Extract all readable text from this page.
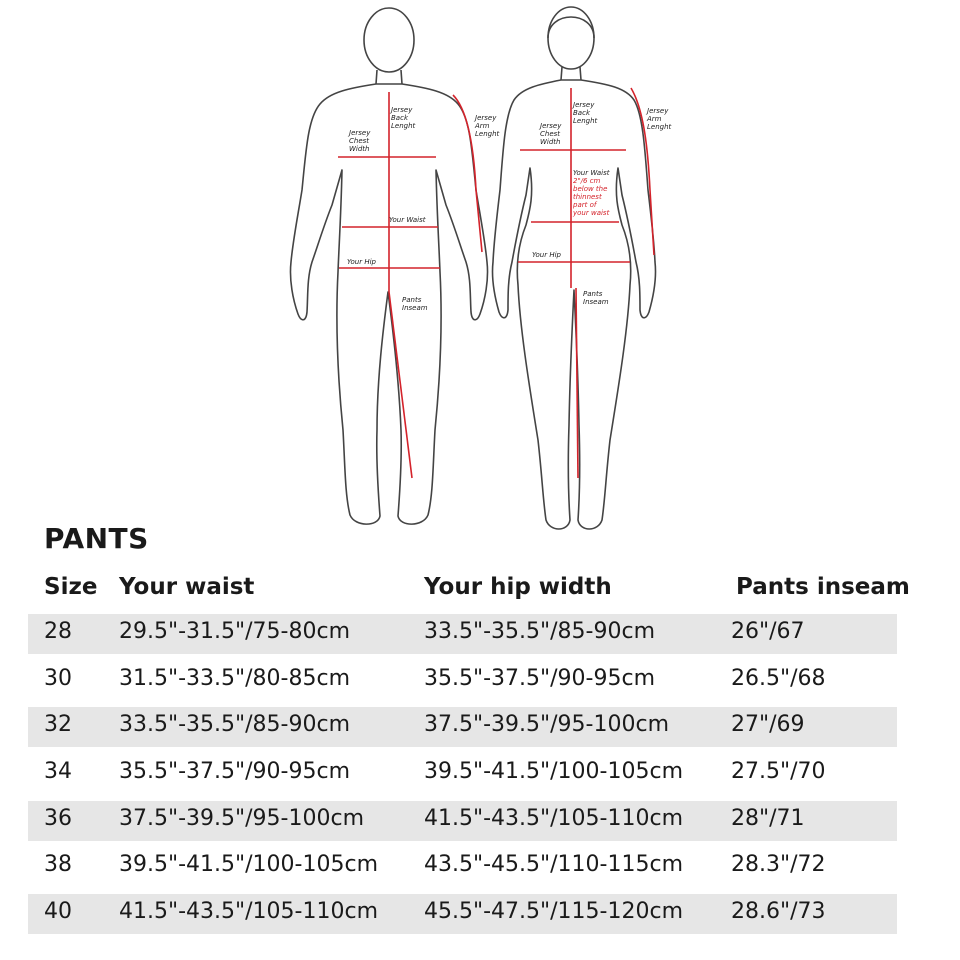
Jersey Chest Width
Jersey Back Lenght
Jersey Arm Lenght
Your Waist
Your Hip
Pants Inseam
Jersey Chest Width
Jersey Back Lenght
Jersey Arm Lenght
Your Waist
2"/6 cm below the thinnest part of your waist
Your Hip
Pants Inseam
PANTS
Size Your waist	Your hip width	Pants inseam
28 29.5"-31.5"/75-80cm	33.5"-35.5"/85-90cm	26"/67
30 31.5"-33.5"/80-85cm	35.5"-37.5"/90-95cm	26.5"/68
32 33.5"-35.5"/85-90cm	37.5"-39.5"/95-100cm	27"/69
34 35.5"-37.5"/90-95cm	39.5"-41.5"/100-105cm 27.5"/70
36 37.5"-39.5"/95-100cm	41.5"-43.5"/105-110cm 28"/71
38 39.5"-41.5"/100-105cm 43.5"-45.5"/110-115cm 28.3"/72
40 41.5"-43.5"/105-110cm 45.5"-47.5"/115-120cm 28.6"/73
